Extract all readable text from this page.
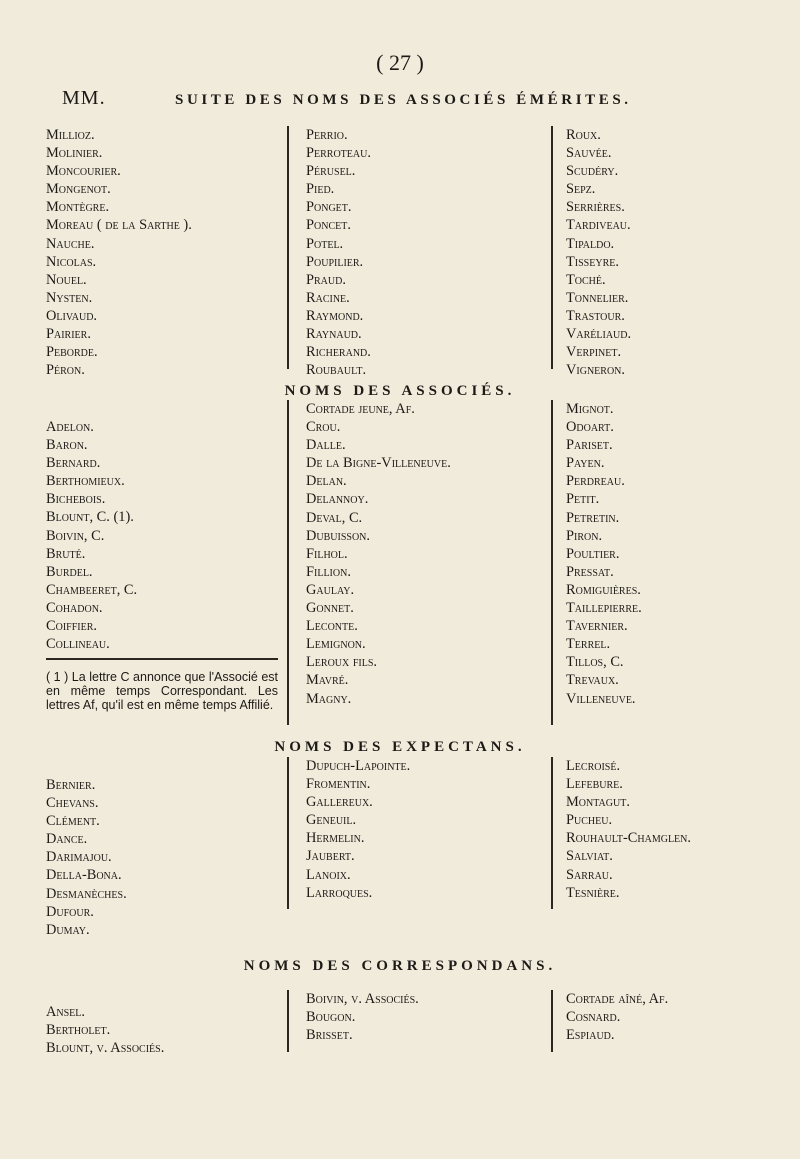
( 27 )
MM.	SUITE DES NOMS DES ASSOCIÉS ÉMÉRITES.
Millioz.
Molinier.
Moncourier.
Mongenot.
Montègre.
Moreau ( de la Sarthe ).
Nauche.
Nicolas.
Nouel.
Nysten.
Olivaud.
Pairier.
Peborde.
Péron.
Perrio.
Perroteau.
Pérusel.
Pied.
Ponget.
Poncet.
Potel.
Poupilier.
Praud.
Racine.
Raymond.
Raynaud.
Richerand.
Roubault.
Roux.
Sauvée.
Scudéry.
Sepz.
Serrières.
Tardiveau.
Tipaldo.
Tisseyre.
Toché.
Tonnelier.
Trastour.
Varéliaud.
Verpinet.
Vigneron.
NOMS DES ASSOCIÉS.
Adelon.
Baron.
Bernard.
Berthomieux.
Bichebois.
Blount, C. (1).
Boivin, C.
Bruté.
Burdel.
Chambeeret, C.
Cohadon.
Coiffier.
Collineau.
( 1 ) La lettre C annonce que l'Associé est en même temps Correspondant. Les lettres Af, qu'il est en même temps Affilié.
Cortade jeune, Af.
Crou.
Dalle.
De la Bigne-Villeneuve.
Delan.
Delannoy.
Deval, C.
Dubuisson.
Filhol.
Fillion.
Gaulay.
Gonnet.
Leconte.
Lemignon.
Leroux fils.
Mavré.
Magny.
Mignot.
Odoart.
Pariset.
Payen.
Perdreau.
Petit.
Petretin.
Piron.
Poultier.
Pressat.
Romiguières.
Taillepierre.
Tavernier.
Terrel.
Tillos, C.
Trevaux.
Villeneuve.
NOMS DES EXPECTANS.
Bernier.
Chevans.
Clément.
Dance.
Darimajou.
Della-Bona.
Desmanèches.
Dufour.
Dumay.
Dupuch-Lapointe.
Fromentin.
Gallereux.
Geneuil.
Hermelin.
Jaubert.
Lanoix.
Larroques.
Lecroisé.
Lefebure.
Montagut.
Pucheu.
Rouhault-Chamglen.
Salviat.
Sarrau.
Tesnière.
NOMS DES CORRESPONDANS.
Ansel.
Bertholet.
Blount, v. Associés.
Boivin, v. Associés.
Bougon.
Brisset.
Cortade aîné, Af.
Cosnard.
Espiaud.
